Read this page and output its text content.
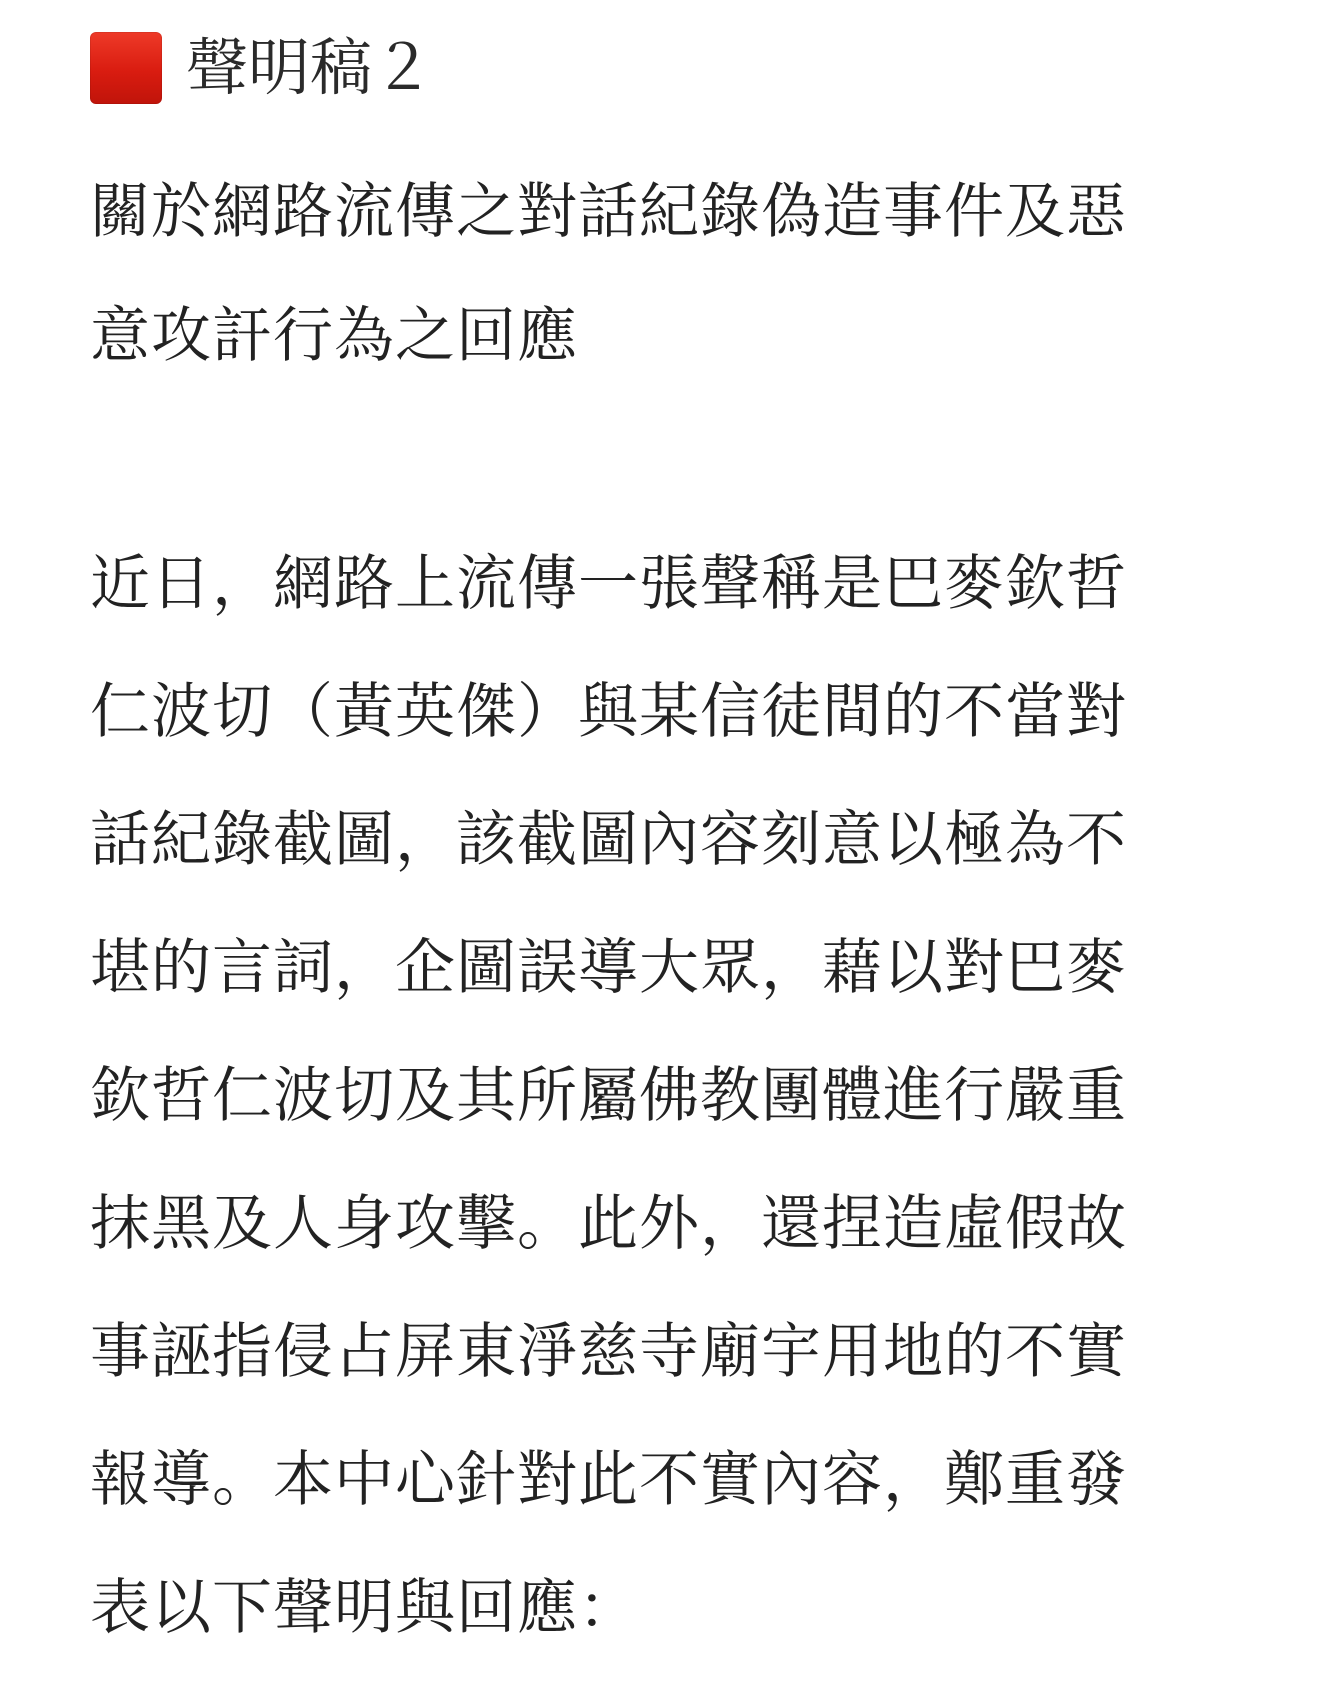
聲明稿２
關於網路流傳之對話紀錄偽造事件及惡
意攻訐行為之回應

近日，網路上流傳一張聲稱是巴麥欽哲
仁波切（黃英傑）與某信徒間的不當對
話紀錄截圖，該截圖內容刻意以極為不
堪的言詞，企圖誤導大眾，藉以對巴麥
欽哲仁波切及其所屬佛教團體進行嚴重
抹黑及人身攻擊。此外，還捏造虛假故
事誣指侵占屏東淨慈寺廟宇用地的不實
報導。本中心針對此不實內容，鄭重發
表以下聲明與回應：
